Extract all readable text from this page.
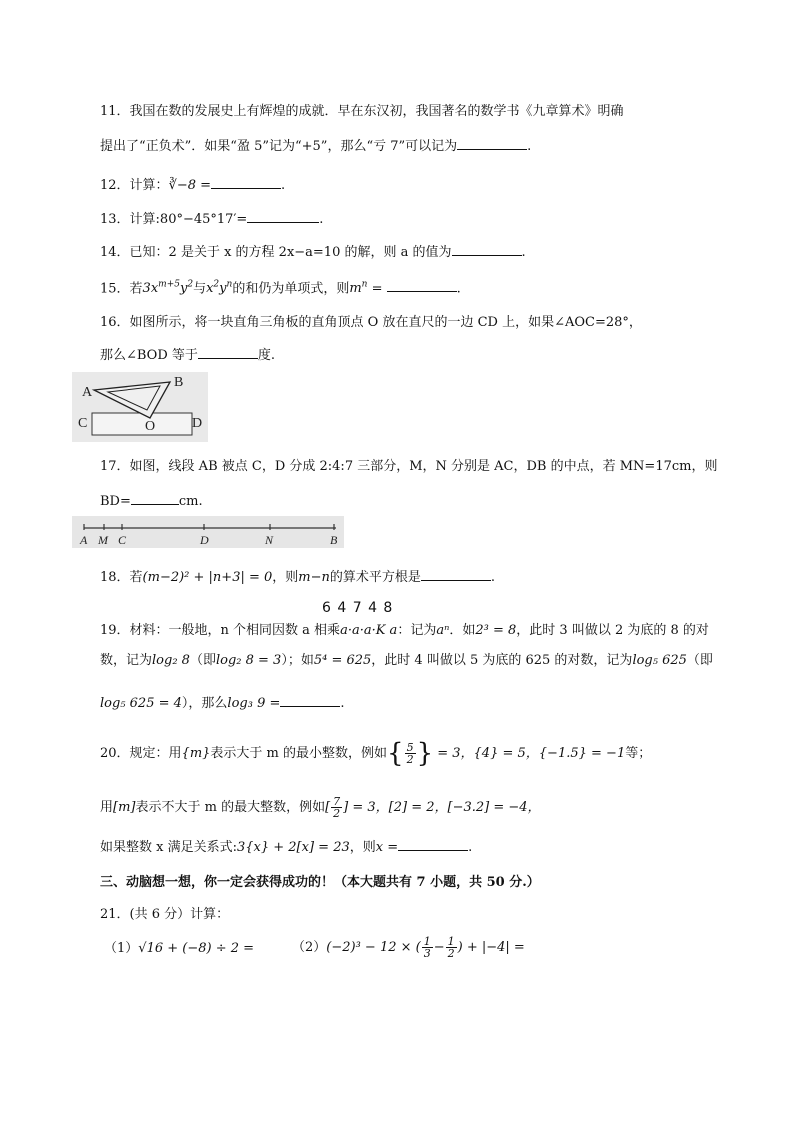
11．我国在数的发展史上有辉煌的成就．早在东汉初，我国著名的数学书《九章算术》明确
提出了“正负术”．如果“盈 5”记为“+5”，那么“亏 7”可以记为	.
12．计算：∛−8 =	.
13．计算:80°−45°17′=	.
14．已知：2 是关于 x 的方程 2x−a=10 的解，则 a 的值为	.
15．若$3x^{m+5}y^2$与$x^2y^n$的和仍为单项式，则$m^n$ =	.
16．如图所示，将一块直角三角板的直角顶点 O 放在直尺的一边 CD 上，如果∠AOC=28°，
那么∠BOD 等于	度.
A
B
C	D
O
17．如图，线段 AB 被点 C，D 分成 2:4:7 三部分，M，N 分别是 AC，DB 的中点，若 MN=17cm，则
BD=	cm.
A M C	D	N	B
18．若(m−2)² + |n+3| = 0，则m−n的算术平方根是	.
6 4 7 4 8
19．材料：一般地，n 个相同因数 a 相乘a·a·a·K a：记为aⁿ．如2³ = 8，此时 3 叫做以 2 为底的 8 的对
数，记为log₂ 8（即log₂ 8 = 3）；如5⁴ = 625，此时 4 叫做以 5 为底的 625 的对数，记为log₅ 625（即
log₅ 625 = 4），那么log₃ 9 =	.
20．规定：用{m}表示大于 m 的最小整数，例如{ $\frac{5}{2}$ } = 3，{4} = 5，{−1.5} = −1等；
用[m]表示不大于 m 的最大整数，例如[ $\frac{7}{2}$ ] = 3，[2] = 2，[−3.2] = −4，
如果整数 x 满足关系式:3{x} + 2[x] = 23，则x =	.
三、动脑想一想，你一定会获得成功的！（本大题共有 7 小题，共 50 分.）
21．(共 6 分）计算：
（1）√16 + (−8) ÷ 2 =	（2）(−2)³ − 12 × ( $\frac{1}{3} - \frac{1}{2}$ ) + |−4| =
